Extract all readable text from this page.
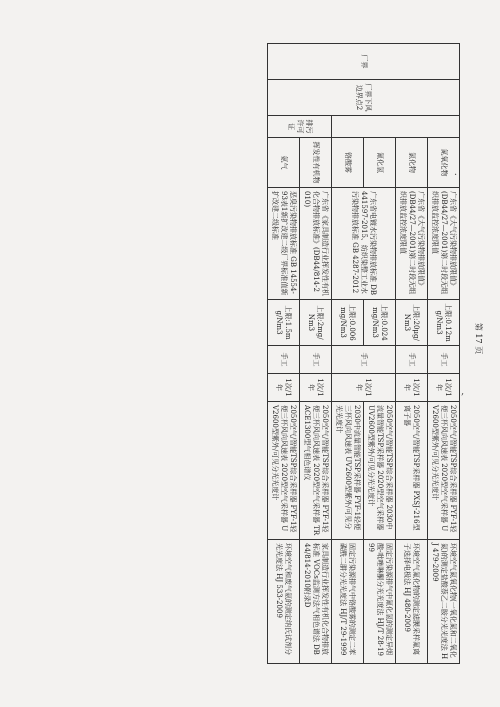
厂界	厂界下风边界点2		氮氧化物	广东省《大气污染物排放限值》(DB44/27—2001)第二时段无组织排放监控浓度限值	上限:0.12mg/Nm3	手工	1次/1年	2050空气/智能TSP综合采样器 FYF-1轻便三杯风向风速表 2020型空气采样器 UV2600型紫外/可见分光光度计	环境空气氮氧化物(一氧化氮和二氧化氮)的测定盐酸萘乙二胺分光光度法 HJ 479-2009
			氯化物	广东省《大气污染物排放限值》(DB44/27—2001)第二时段无组织排放监控浓度限值	上限:20μg/Nm3	手工	1次/1年	2050空气/智能TSP采样器 PXSJ-216型离子器	环境空气氟化物的测定滤膜采样氟离子选择电极法 HJ 480-2009
			氰化氢	广东省电镀水污染物排放标准 DB441597-2015、纺织染整工业水污染物排放标准 GB 4287-2012	上限:0.024mg/Nm3	手工	1次/1年	2050空气/智能TSP综合采样器 2030中流量智能TSP采样器 2020型空气采样器 UV2600型紫外/可见分光光度计	固定污染源排气中氰化氢的测定异烟酸-吡唑啉酮分光光度法 HJ/T 28-1999
			铬酸雾		上限:0.006mg/Nm3			2030中流量智能TSP采样器 FYF-1轻便三杯风向风速表 UV2600型紫外/可见分光光度计	固定污染源排气中铬酸雾的测定二苯碳酰二肼分光光度法 HJ/T 29-1999
		排污许可证	挥发性有机物	广东省《家具制造行业挥发性有机化合物排放标准》(DB44/814-2010)	上限:2mg/Nm3	手工	1次/1年	2050空气/智能TSP综合采样器 FYF-1轻便三杯风向风速表 2020型空气采样器 TRACE1300型气相色谱仪	家具制造行业挥发性有机化合物排放标准 VOCs监测方法气相色谱法 DB 44/814-2010附录D
			氨气	恶臭污染物排放标准 GB 14554-93表1新扩改建二级厂界标准值新扩改建二级标准	上限:1.5mg/Nm3	手工	1次/1年	2050空气/智能TSP综合采样器 FYF-1轻便三杯风向风速表 2020型空气采样器 UV2600型紫外/可见分光光度计	环境空气和废气氨的测定纳氏试剂分光光度法 HJ 533-2009
第 17 页
·
,
